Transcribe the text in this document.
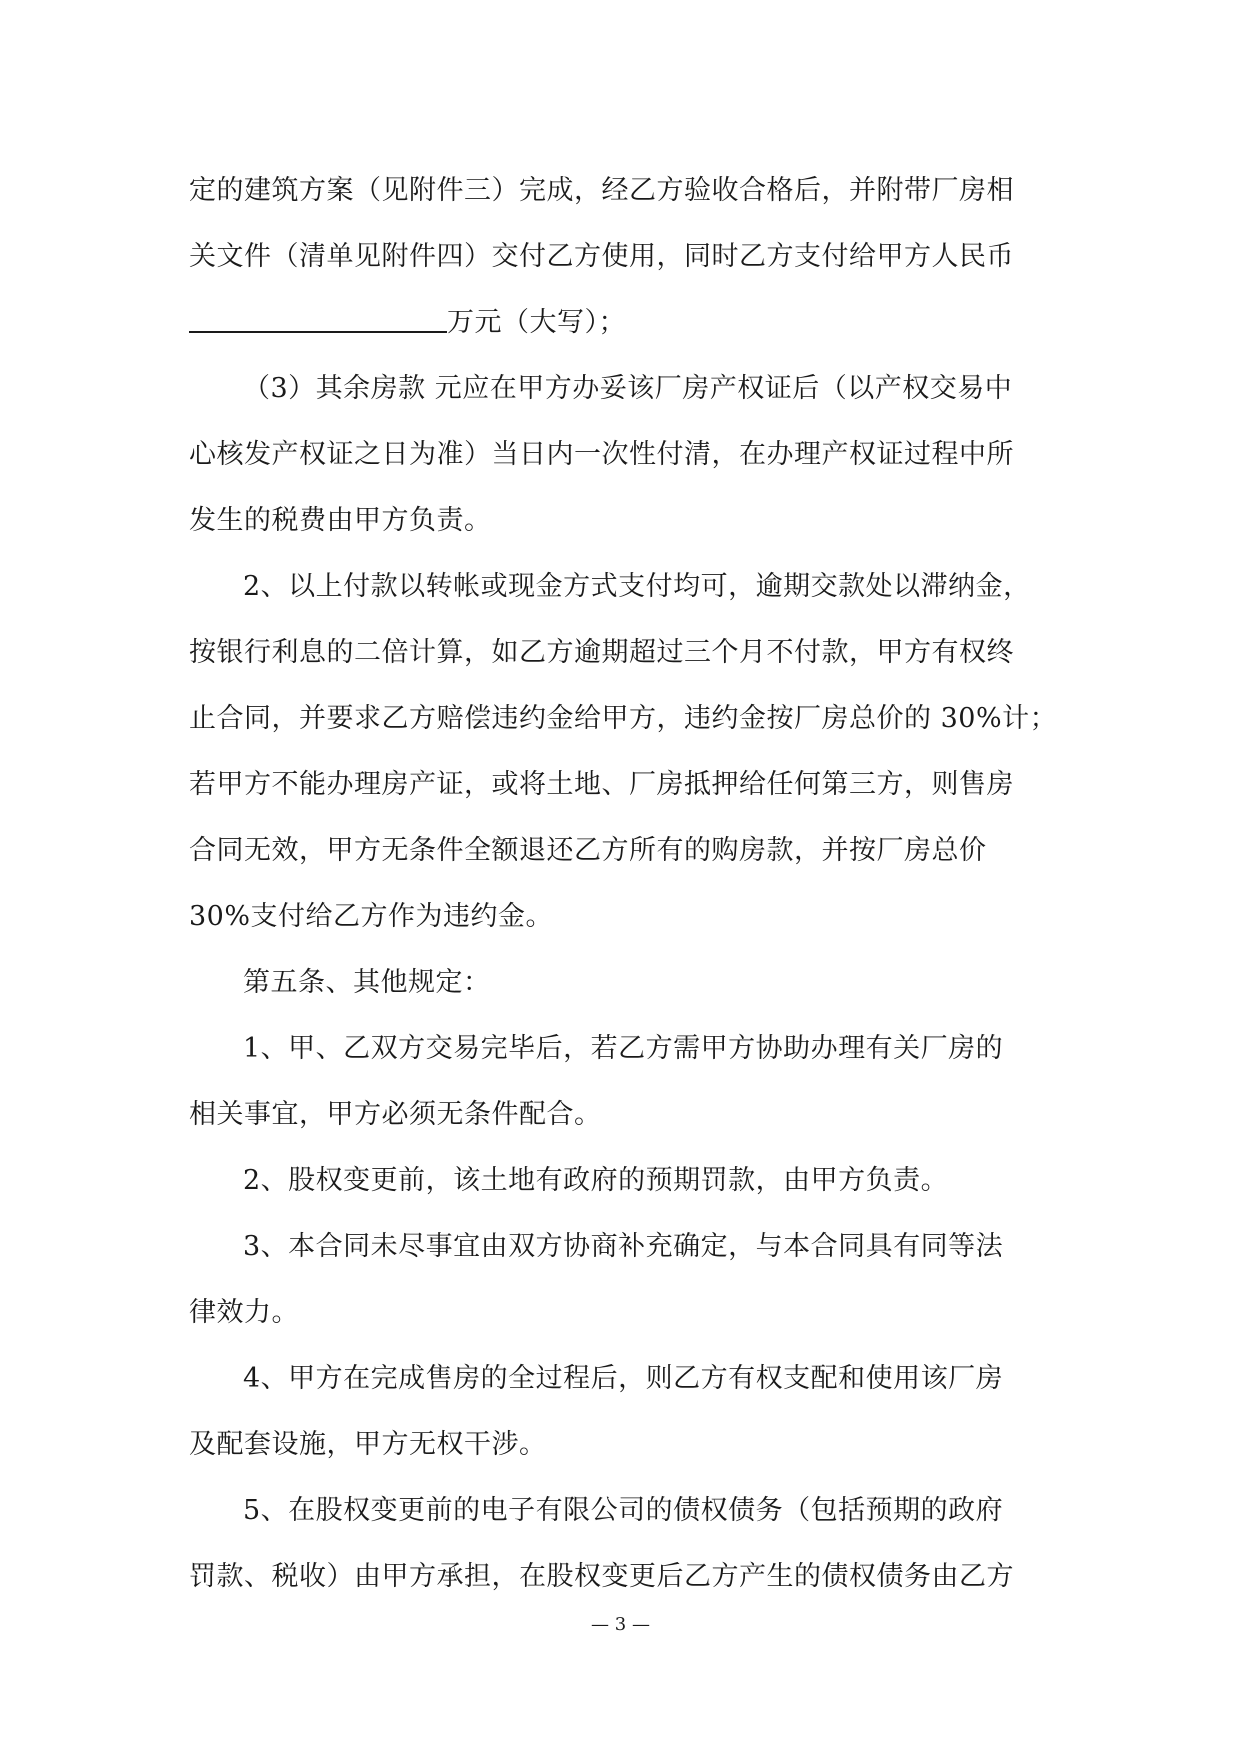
定的建筑方案（见附件三）完成，经乙方验收合格后，并附带厂房相
关文件（清单见附件四）交付乙方使用，同时乙方支付给甲方人民币
万元（大写）；
（3）其余房款 元应在甲方办妥该厂房产权证后（以产权交易中
心核发产权证之日为准）当日内一次性付清，在办理产权证过程中所
发生的税费由甲方负责。
2、以上付款以转帐或现金方式支付均可，逾期交款处以滞纳金，
按银行利息的二倍计算，如乙方逾期超过三个月不付款，甲方有权终
止合同，并要求乙方赔偿违约金给甲方，违约金按厂房总价的 30%计；
若甲方不能办理房产证，或将土地、厂房抵押给任何第三方，则售房
合同无效，甲方无条件全额退还乙方所有的购房款，并按厂房总价
30%支付给乙方作为违约金。
第五条、其他规定：
1、甲、乙双方交易完毕后，若乙方需甲方协助办理有关厂房的
相关事宜，甲方必须无条件配合。
2、股权变更前，该土地有政府的预期罚款，由甲方负责。
3、本合同未尽事宜由双方协商补充确定，与本合同具有同等法
律效力。
4、甲方在完成售房的全过程后，则乙方有权支配和使用该厂房
及配套设施，甲方无权干涉。
5、在股权变更前的电子有限公司的债权债务（包括预期的政府
罚款、税收）由甲方承担，在股权变更后乙方产生的债权债务由乙方
— 3 —
